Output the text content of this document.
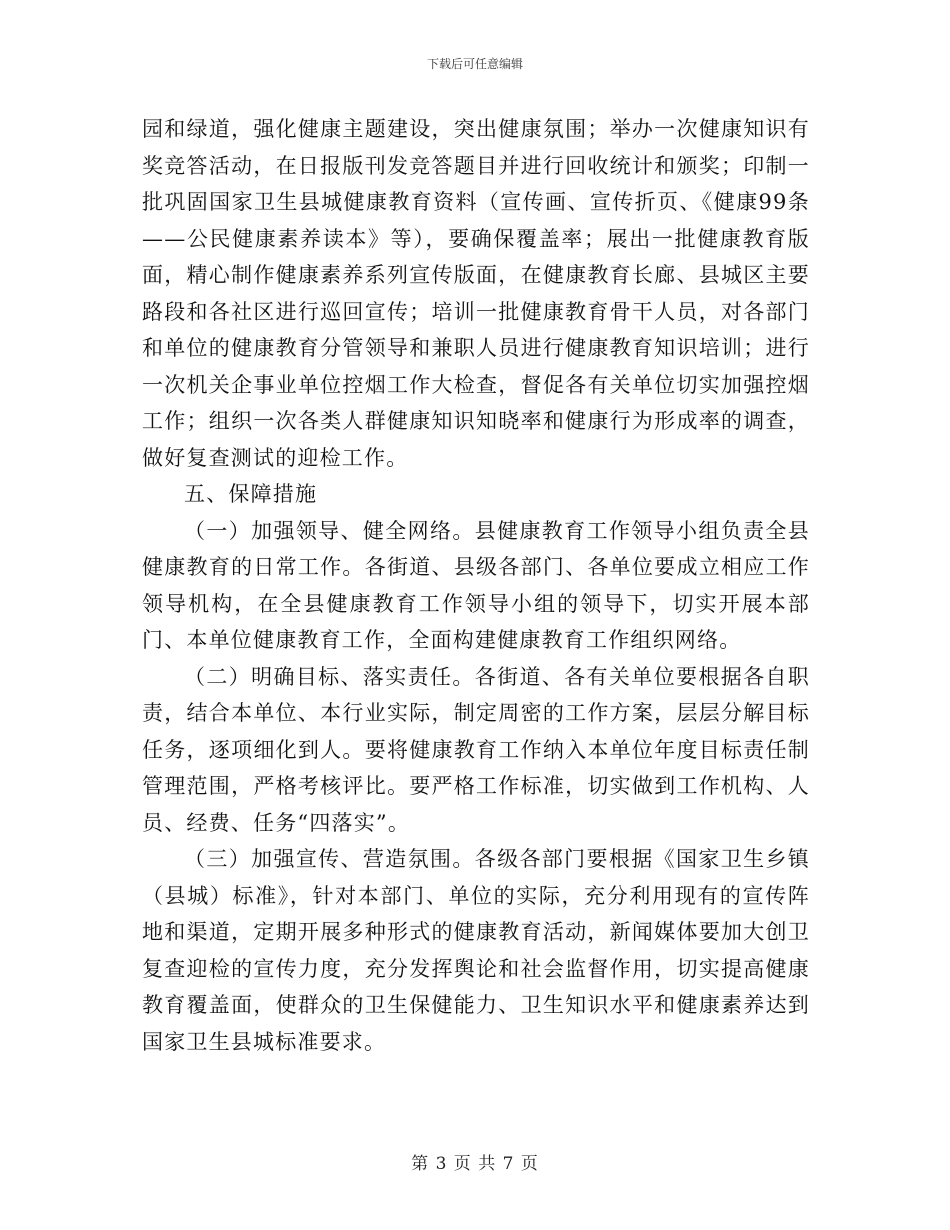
下载后可任意编辑

园和绿道，强化健康主题建设，突出健康氛围；举办一次健康知识有奖竞答活动，在日报版刊发竞答题目并进行回收统计和颁奖；印制一批巩固国家卫生县城健康教育资料（宣传画、宣传折页、《健康99条——公民健康素养读本》等），要确保覆盖率；展出一批健康教育版面，精心制作健康素养系列宣传版面，在健康教育长廊、县城区主要路段和各社区进行巡回宣传；培训一批健康教育骨干人员，对各部门和单位的健康教育分管领导和兼职人员进行健康教育知识培训；进行一次机关企事业单位控烟工作大检查，督促各有关单位切实加强控烟工作；组织一次各类人群健康知识知晓率和健康行为形成率的调查，做好复查测试的迎检工作。

五、保障措施

（一）加强领导、健全网络。县健康教育工作领导小组负责全县健康教育的日常工作。各街道、县级各部门、各单位要成立相应工作领导机构，在全县健康教育工作领导小组的领导下，切实开展本部门、本单位健康教育工作，全面构建健康教育工作组织网络。

（二）明确目标、落实责任。各街道、各有关单位要根据各自职责，结合本单位、本行业实际，制定周密的工作方案，层层分解目标任务，逐项细化到人。要将健康教育工作纳入本单位年度目标责任制管理范围，严格考核评比。要严格工作标准，切实做到工作机构、人员、经费、任务“四落实”。

（三）加强宣传、营造氛围。各级各部门要根据《国家卫生乡镇（县城）标准》，针对本部门、单位的实际，充分利用现有的宣传阵地和渠道，定期开展多种形式的健康教育活动，新闻媒体要加大创卫复查迎检的宣传力度，充分发挥舆论和社会监督作用，切实提高健康教育覆盖面，使群众的卫生保健能力、卫生知识水平和健康素养达到国家卫生县城标准要求。

第 3 页 共 7 页
